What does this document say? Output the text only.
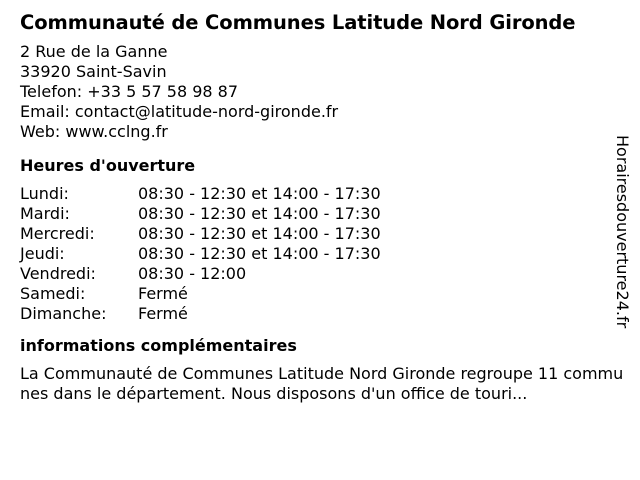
Communauté de Communes Latitude Nord Gironde
2 Rue de la Ganne
33920 Saint-Savin
Telefon: +33 5 57 58 98 87
Email: contact@latitude-nord-gironde.fr
Web: www.cclng.fr
Heures d'ouverture
Lundi:	08:30 - 12:30 et 14:00 - 17:30
Mardi:	08:30 - 12:30 et 14:00 - 17:30
Mercredi:	08:30 - 12:30 et 14:00 - 17:30
Jeudi:	08:30 - 12:30 et 14:00 - 17:30
Vendredi:	08:30 - 12:00
Samedi:	Fermé
Dimanche:	Fermé
informations complémentaires
La Communauté de Communes Latitude Nord Gironde regroupe 11 communes dans le département. Nous disposons d'un office de touri...
Horairesdouverture24.fr
